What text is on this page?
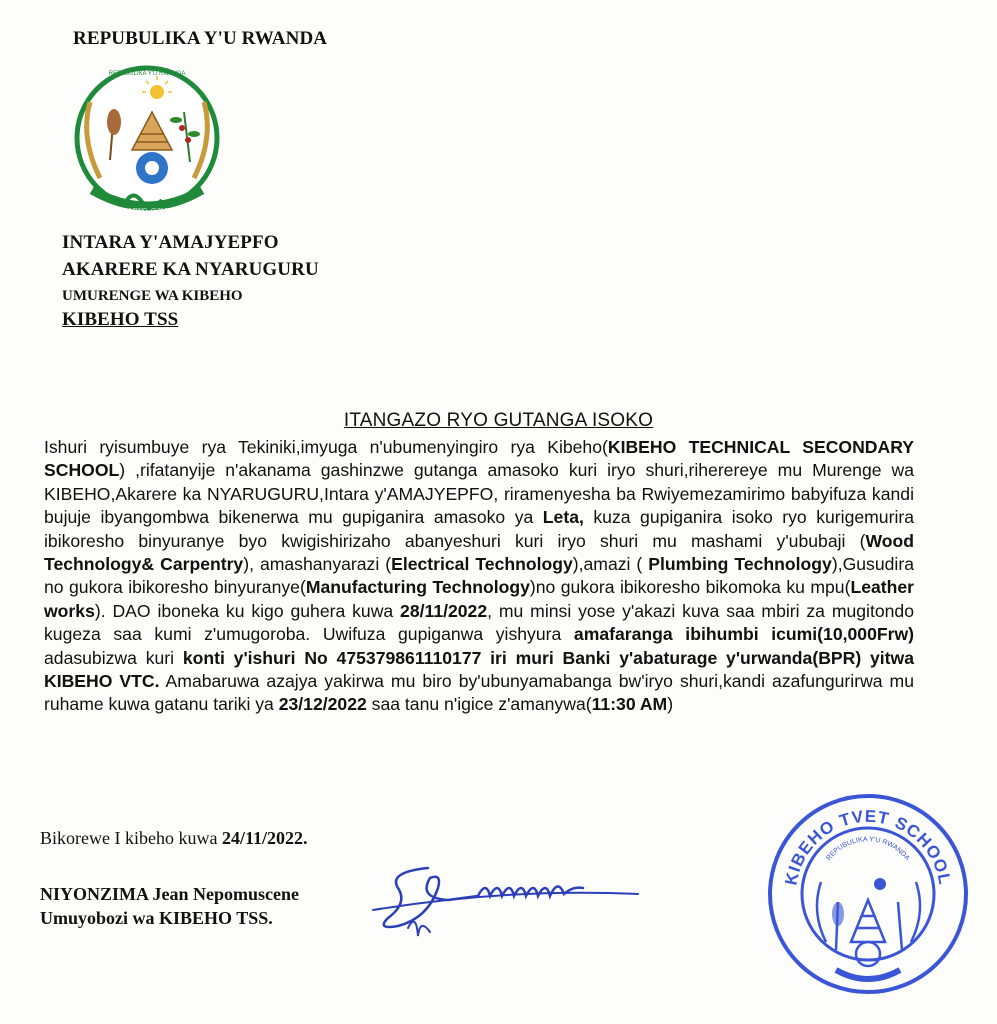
REPUBULIKA Y'U RWANDA
REPUBULIKA Y'U RWANDA
UBUMWE · UMURIMO · GUKUNDA IGIHUGU
INTARA Y'AMAJYEPFO
AKARERE KA NYARUGURU
UMURENGE WA KIBEHO
KIBEHO TSS
ITANGAZO RYO GUTANGA ISOKO
Ishuri ryisumbuye rya Tekiniki,imyuga n'ubumenyingiro rya Kibeho(KIBEHO TECHNICAL SECONDARY SCHOOL) ,rifatanyije n'akanama gashinzwe gutanga amasoko kuri iryo shuri,riherereye mu Murenge wa KIBEHO,Akarere ka NYARUGURU,Intara y'AMAJYEPFO, riramenyesha ba Rwiyemezamirimo babyifuza kandi bujuje ibyangombwa bikenerwa mu gupiganira amasoko ya Leta, kuza gupiganira isoko ryo kurigemurira ibikoresho binyuranye byo kwigishirizaho abanyeshuri kuri iryo shuri mu mashami y'ububaji (Wood Technology& Carpentry), amashanyarazi (Electrical Technology),amazi ( Plumbing Technology),Gusudira no gukora ibikoresho binyuranye(Manufacturing Technology)no gukora ibikoresho bikomoka ku mpu(Leather works). DAO iboneka ku kigo guhera kuwa 28/11/2022, mu minsi yose y'akazi kuva saa mbiri za mugitondo kugeza saa kumi z'umugoroba. Uwifuza gupiganwa yishyura amafaranga ibihumbi icumi(10,000Frw) adasubizwa kuri konti y'ishuri No 475379861110177 iri muri Banki y'abaturage y'urwanda(BPR) yitwa KIBEHO VTC. Amabaruwa azajya yakirwa mu biro by'ubunyamabanga bw'iryo shuri,kandi azafungurirwa mu ruhame kuwa gatanu tariki ya 23/12/2022 saa tanu n'igice z'amanywa(11:30 AM)
Bikorewe I kibeho kuwa 24/11/2022.
NIYONZIMA Jean Nepomuscene
Umuyobozi wa KIBEHO TSS.
KIBEHO TVET SCHOOL
REPUBULIKA Y'U RWANDA
